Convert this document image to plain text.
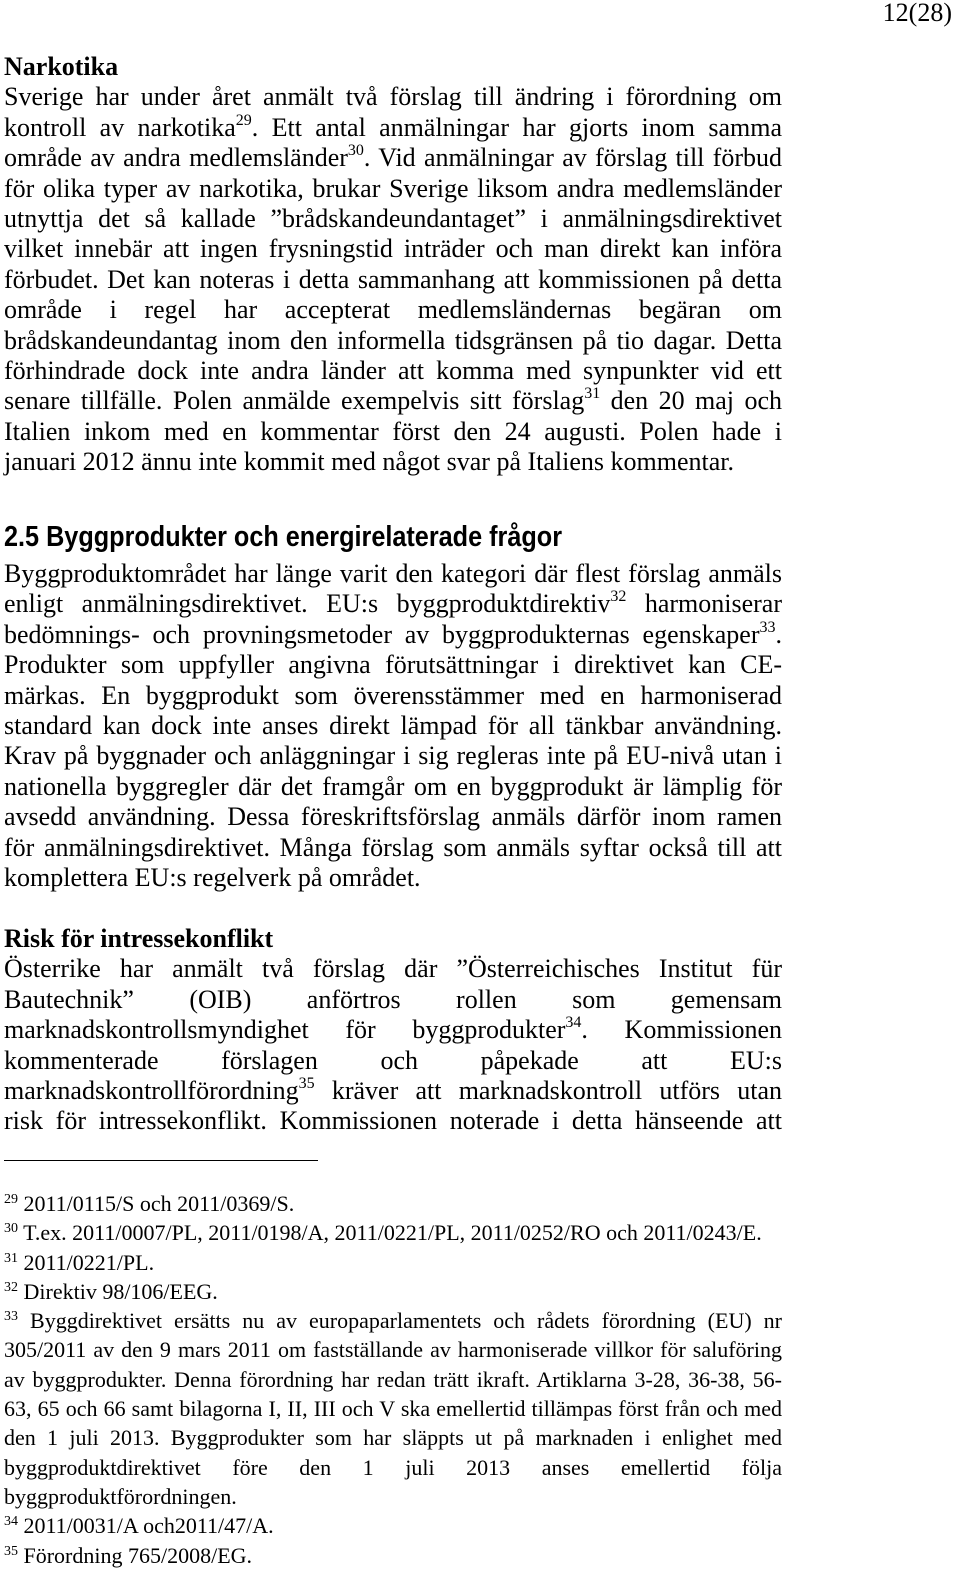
12(28)
Narkotika
Sverige har under året anmält två förslag till ändring i förordning om
kontroll av narkotika$^{29}$. Ett antal anmälningar har gjorts inom samma
område av andra medlemsländer$^{30}$. Vid anmälningar av förslag till förbud
för olika typer av narkotika, brukar Sverige liksom andra medlemsländer
utnyttja det så kallade ”brådskandeundantaget” i anmälningsdirektivet
vilket innebär att ingen frysningstid inträder och man direkt kan införa
förbudet. Det kan noteras i detta sammanhang att kommissionen på detta
område i regel har accepterat medlemsländernas begäran om
brådskandeundantag inom den informella tidsgränsen på tio dagar. Detta
förhindrade dock inte andra länder att komma med synpunkter vid ett
senare tillfälle. Polen anmälde exempelvis sitt förslag$^{31}$ den 20 maj och
Italien inkom med en kommentar först den 24 augusti. Polen hade i
januari 2012 ännu inte kommit med något svar på Italiens kommentar.
2.5 Byggprodukter och energirelaterade frågor
Byggproduktområdet har länge varit den kategori där flest förslag anmäls
enligt anmälningsdirektivet. EU:s byggproduktdirektiv$^{32}$ harmoniserar
bedömnings- och provningsmetoder av byggprodukternas egenskaper$^{33}$.
Produkter som uppfyller angivna förutsättningar i direktivet kan CE-
märkas. En byggprodukt som överensstämmer med en harmoniserad
standard kan dock inte anses direkt lämpad för all tänkbar användning.
Krav på byggnader och anläggningar i sig regleras inte på EU-nivå utan i
nationella byggregler där det framgår om en byggprodukt är lämplig för
avsedd användning. Dessa föreskriftsförslag anmäls därför inom ramen
för anmälningsdirektivet. Många förslag som anmäls syftar också till att
komplettera EU:s regelverk på området.
Risk för intressekonflikt
Österrike har anmält två förslag där ”Österreichisches Institut für
Bautechnik” (OIB) anförtros rollen som gemensam
marknadskontrollsmyndighet för byggprodukter$^{34}$. Kommissionen
kommenterade förslagen och påpekade att EU:s
marknadskontrollförordning$^{35}$ kräver att marknadskontroll utförs utan
risk för intressekonflikt. Kommissionen noterade i detta hänseende att
$^{29}$ 2011/0115/S och 2011/0369/S.
$^{30}$ T.ex. 2011/0007/PL, 2011/0198/A, 2011/0221/PL, 2011/0252/RO och 2011/0243/E.
$^{31}$ 2011/0221/PL.
$^{32}$ Direktiv 98/106/EEG.
$^{33}$ Byggdirektivet ersätts nu av europaparlamentets och rådets förordning (EU) nr
305/2011 av den 9 mars 2011 om fastställande av harmoniserade villkor för saluföring
av byggprodukter. Denna förordning har redan trätt ikraft. Artiklarna 3-28, 36-38, 56-
63, 65 och 66 samt bilagorna I, II, III och V ska emellertid tillämpas först från och med
den 1 juli 2013. Byggprodukter som har släppts ut på marknaden i enlighet med
byggproduktdirektivet före den 1 juli 2013 anses emellertid följa
byggproduktförordningen.
$^{34}$ 2011/0031/A och2011/47/A.
$^{35}$ Förordning 765/2008/EG.
